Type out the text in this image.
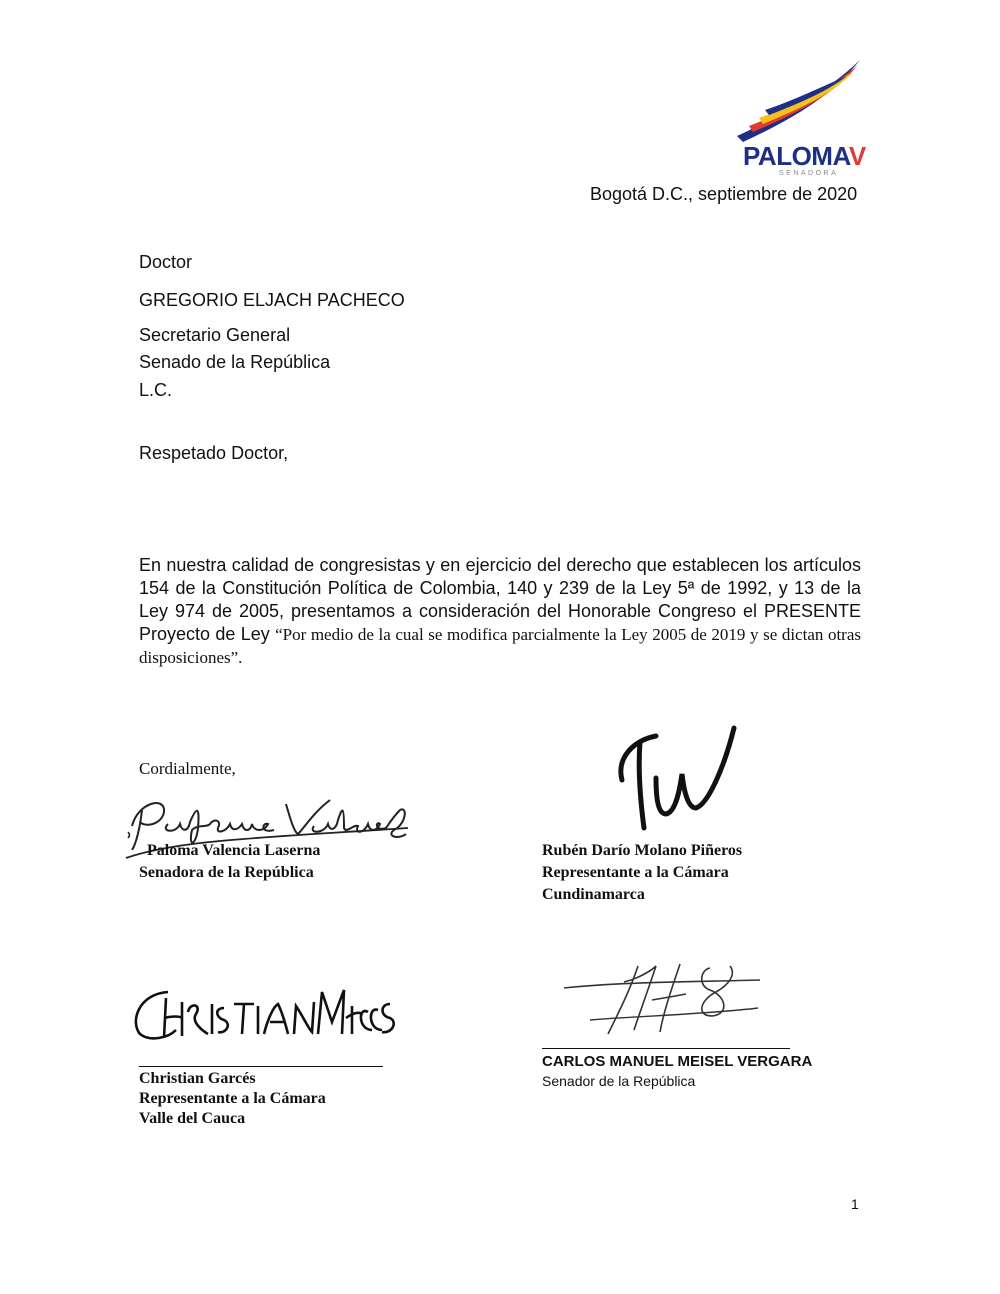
PALOMAV
SENADORA
Bogotá D.C., septiembre de 2020
Doctor
GREGORIO ELJACH PACHECO
Secretario General
Senado de la República
L.C.
Respetado Doctor,
En nuestra calidad de congresistas y en ejercicio del derecho que establecen los artículos 154 de la Constitución Política de Colombia, 140 y 239 de la Ley 5ª de 1992, y 13 de la Ley 974 de 2005, presentamos a consideración del Honorable Congreso el PRESENTE Proyecto de Ley “Por medio de la cual se modifica parcialmente la Ley 2005 de 2019 y se dictan otras disposiciones”.
Cordialmente,
Paloma Valencia Laserna
Senadora de la República
Rubén Darío Molano Piñeros
Representante a la Cámara
Cundinamarca
Christian Garcés
Representante a la Cámara
Valle del Cauca
CARLOS MANUEL MEISEL VERGARA
Senador de la República
1
